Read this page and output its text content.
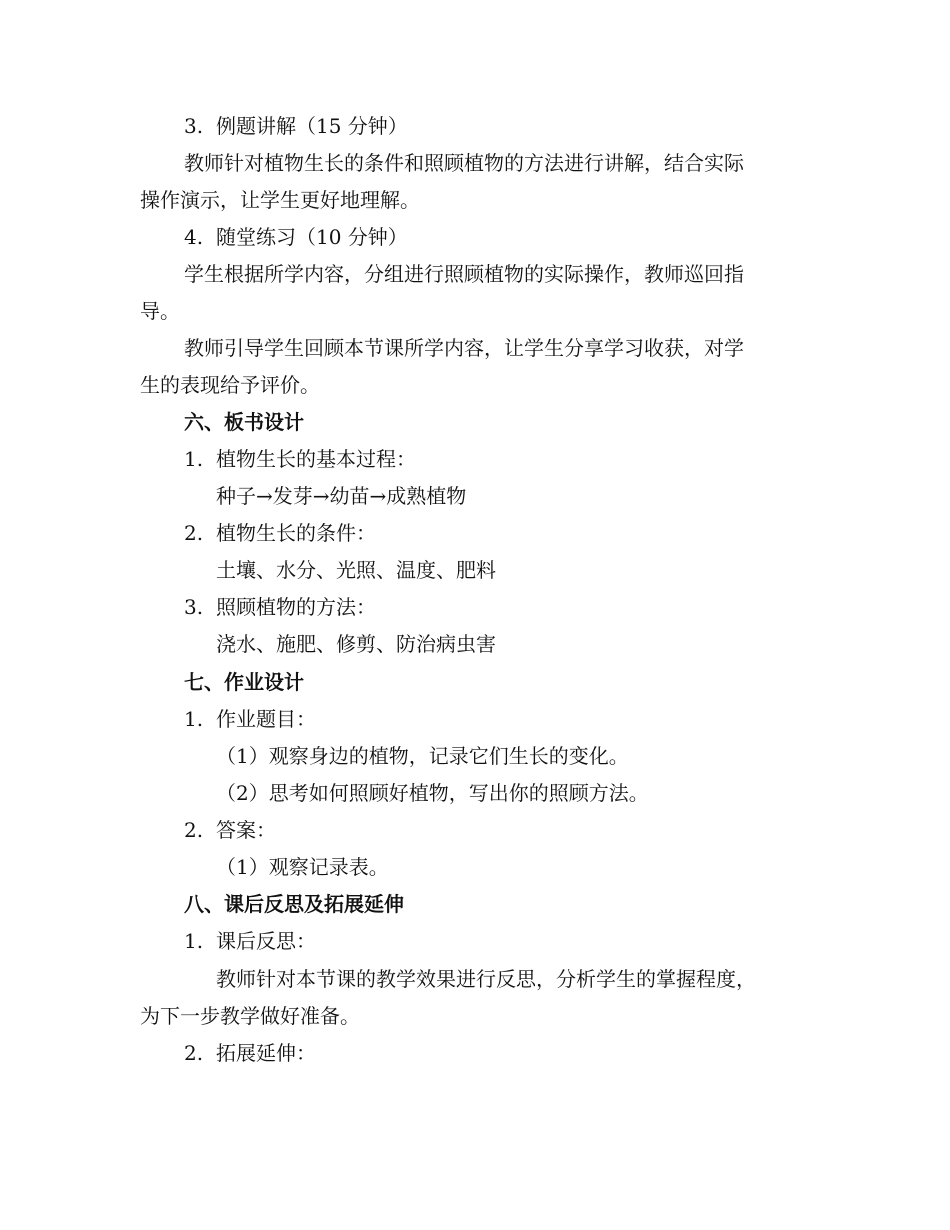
3. 例题讲解（15 分钟）
教师针对植物生长的条件和照顾植物的方法进行讲解，结合实际
操作演示，让学生更好地理解。
4. 随堂练习（10 分钟）
学生根据所学内容，分组进行照顾植物的实际操作，教师巡回指
导。
教师引导学生回顾本节课所学内容，让学生分享学习收获，对学
生的表现给予评价。
六、板书设计
1. 植物生长的基本过程：
种子→发芽→幼苗→成熟植物
2. 植物生长的条件：
土壤、水分、光照、温度、肥料
3. 照顾植物的方法：
浇水、施肥、修剪、防治病虫害
七、作业设计
1. 作业题目：
（1）观察身边的植物，记录它们生长的变化。
（2）思考如何照顾好植物，写出你的照顾方法。
2. 答案：
（1）观察记录表。
八、课后反思及拓展延伸
1. 课后反思：
教师针对本节课的教学效果进行反思，分析学生的掌握程度，
为下一步教学做好准备。
2. 拓展延伸：
